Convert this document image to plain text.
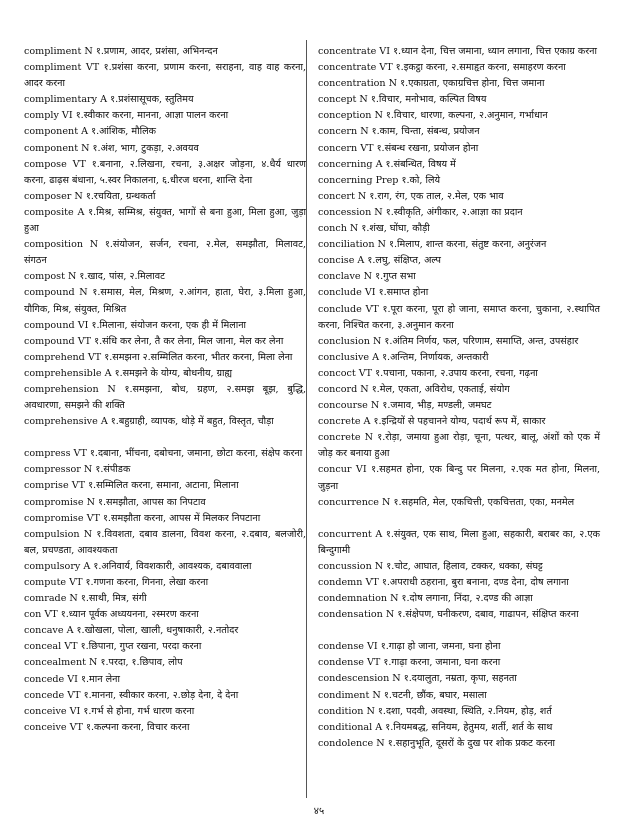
compliment N १.प्रणाम, आदर, प्रशंसा, अभिनन्दन
compliment VT १.प्रशंसा करना, प्रणाम करना, सराहना, वाह वाह करना, आदर करना
complimentary A १.प्रशंसासूचक, स्तुतिमय
comply VI १.स्वीकार करना, मानना, आज्ञा पालन करना
component A १.आंशिक, मौलिक
component N १.अंश, भाग, टुकड़ा, २.अवयव
compose VT १.बनाना, २.लिखना, रचना, ३.अक्षर जोड़ना, ४.धैर्य धारण करना, ढाढ़स बंधाना, ५.स्वर निकालना, ६.धीरज धरना, शान्ति देना
composer N १.रचयिता, ग्रन्थकर्ता
composite A १.मिश्र, सम्मिश्र, संयुक्त, भागों से बना हुआ, मिला हुआ, जुड़ा हुआ
composition N १.संयोजन, सर्जन, रचना, २.मेल, समझौता, मिलावट, संगठन
compost N १.खाद, पांस, २.मिलावट
compound N १.समास, मेल, मिश्रण, २.आंगन, हाता, घेरा, ३.मिला हुआ, यौगिक, मिश्र, संयुक्त, मिश्रित
compound VI १.मिलाना, संयोजन करना, एक ही में मिलाना
compound VT १.संधि कर लेना, तै कर लेना, मिल जाना, मेल कर लेना
comprehend VT १.समझना २.सम्मिलित करना, भीतर करना, मिला लेना
comprehensible A १.समझने के योग्य, बोधनीय, ग्राह्य
comprehension N १.समझना, बोध, ग्रहण, २.समझ बूझ, बुद्धि, अवधारणा, समझने की शक्ति
comprehensive A १.बहुग्राही, व्यापक, थोड़े में बहुत, विस्तृत, चौड़ा
compress VT १.दबाना, भींचना, दबोचना, जमाना, छोटा करना, संक्षेप करना
compressor N १.संपीडक
comprise VT १.सम्मिलित करना, समाना, अटाना, मिलाना
compromise N १.समझौता, आपस का निपटाव
compromise VT १.समझौता करना, आपस में मिलकर निपटाना
compulsion N १.विवशता, दबाव डालना, विवश करना, २.दबाव, बलजोरी, बल, प्रचण्डता, आवश्यकता
compulsory A १.अनिवार्य, विवशकारी, आवश्यक, दबाववाला
compute VT १.गणना करना, गिनना, लेखा करना
comrade N १.साथी, मित्र, संगी
con VT १.ध्यान पूर्वक अध्ययनना, २स्मरण करना
concave A १.खोखला, पोला, खाली, धनुषाकारी, २.नतोदर
conceal VT १.छिपाना, गुप्त रखना, परदा करना
concealment N १.परदा, १.छिपाव, लोप
concede VI १.मान लेना
concede VT १.मानना, स्वीकार करना, २.छोड़ देना, दे देना
conceive VI १.गर्भ से होना, गर्भ धारण करना
conceive VT १.कल्पना करना, विचार करना
concentrate VI १.ध्यान देना, चित्त जमाना, ध्यान लगाना, चित्त एकाग्र करना
concentrate VT १.इकट्ठा करना, २.समाहृत करना, समाहरण करना
concentration N १.एकाग्रता, एकाग्रचित्त होना, चित्त जमाना
concept N १.विचार, मनोभाव, कल्पित विषय
conception N १.विचार, धारणा, कल्पना, २.अनुमान, गर्भाधान
concern N १.काम, चिन्ता, संबन्ध, प्रयोजन
concern VT १.संबन्ध रखना, प्रयोजन होना
concerning A १.संबन्धित, विषय में
concerning Prep १.को, लिये
concert N १.राग, रंग, एक ताल, २.मेल, एक भाव
concession N १.स्वीकृति, अंगीकार, २.आज्ञा का प्रदान
conch N १.शंख, घोंघा, कौड़ी
conciliation N १.मिलाप, शान्त करना, संतुष्ट करना, अनुरंजन
concise A १.लघु, संक्षिप्त, अल्प
conclave N १.गुप्त सभा
conclude VI १.समाप्त होना
conclude VT १.पूरा करना, पूरा हो जाना, समाप्त करना, चुकाना, २.स्थापित करना, निश्चित करना, ३.अनुमान करना
conclusion N १.अंतिम निर्णय, फल, परिणाम, समाप्ति, अन्त, उपसंहार
conclusive A १.अन्तिम, निर्णायक, अन्तकारी
concoct VT १.पचाना, पकाना, २.उपाय करना, रचना, गढ़ना
concord N १.मेल, एकता, अविरोध, एकताई, संयोग
concourse N १.जमाव, भीड़, मण्डली, जमघट
concrete A १.इन्द्रियों से पहचानने योग्य, पदार्थ रूप में, साकार
concrete N १.रोड़ा, जमाया हुआ रोड़ा, चूना, पत्थर, बालू, अंशों को एक में जोड़ कर बनाया हुआ
concur VI १.सहमत होना, एक बिन्दु पर मिलना, २.एक मत होना, मिलना, जुड़ना
concurrence N १.सहमति, मेल, एकचित्ती, एकचित्तता, एका, मनमेल
concurrent A १.संयुक्त, एक साथ, मिला हुआ, सहकारी, बराबर का, २.एक बिन्दुगामी
concussion N १.चोट, आघात, हिलाव, टक्कर, धक्का, संघट्ट
condemn VT १.अपराधी ठहराना, बुरा बनाना, दण्ड देना, दोष लगाना
condemnation N १.दोष लगाना, निंदा, २.दण्ड की आज्ञा
condensation N १.संक्षेपण, घनीकरण, दबाव, गाढापन, संक्षिप्त करना
condense VI १.गाढ़ा हो जाना, जमना, घना होना
condense VT १.गाढ़ा करना, जमाना, घना करना
condescension N १.दयालुता, नम्रता, कृपा, सहनता
condiment N १.चटनी, छौंक, बघार, मसाला
condition N १.दशा, पदवी, अवस्था, स्थिति, २.नियम, होड़, शर्त
conditional A १.नियमबद्ध, सनियम, हेतुमय, शर्ती, शर्त के साथ
condolence N १.सहानुभूति, दूसरों के दुख पर शोक प्रकट करना
४५
